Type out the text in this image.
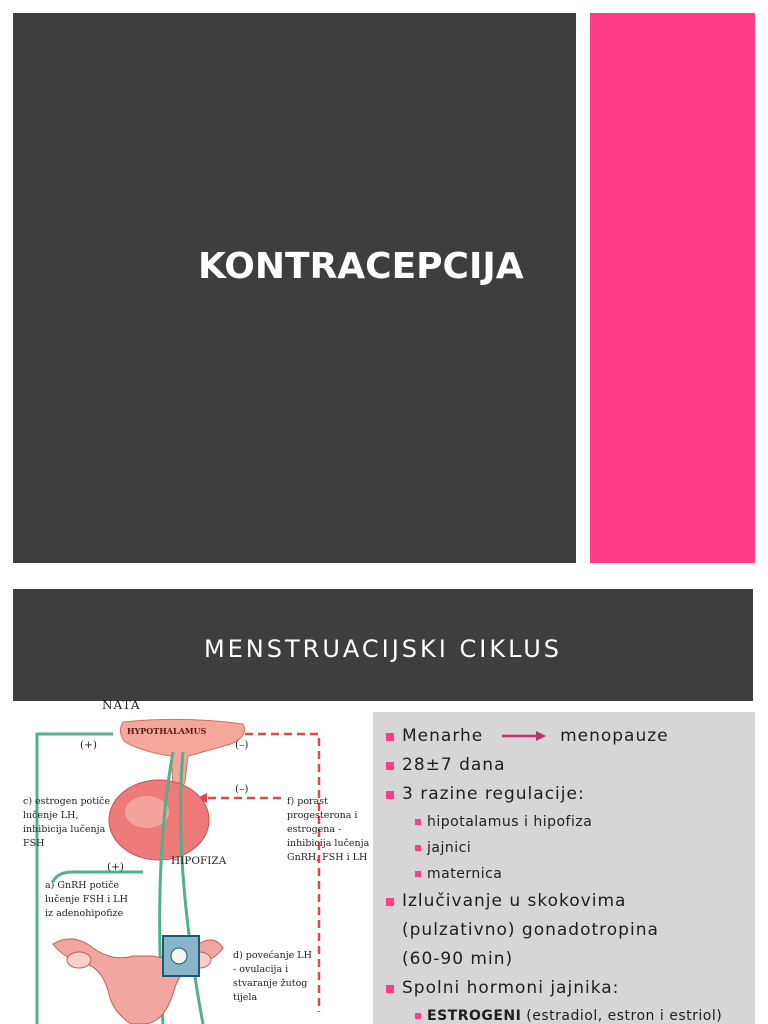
KONTRACEPCIJA
MENSTRUACIJSKI CIKLUS
HYPOTHALAMUS
(+)	(–)
(–)
(+)	HIPOFIZA
c) estrogen potiče
lučenje LH,
inhibicija lučenja
FSH
f) porast
progesterona i
estrogena -
inhibicija lučenja
GnRH, FSH i LH
a) GnRH potiče
lučenje FSH i LH
iz adenohipofize
d) povećanje LH
- ovulacija i
stvaranje žutog
tijela
Menarhe	menopauze
28±7 dana
3 razine regulacije:
hipotalamus i hipofiza
jajnici
maternica
Izlučivanje u skokovima
(pulzativno) gonadotropina
(60-90 min)
Spolni hormoni jajnika:
ESTROGENI (estradiol, estron i estriol)
NATA
